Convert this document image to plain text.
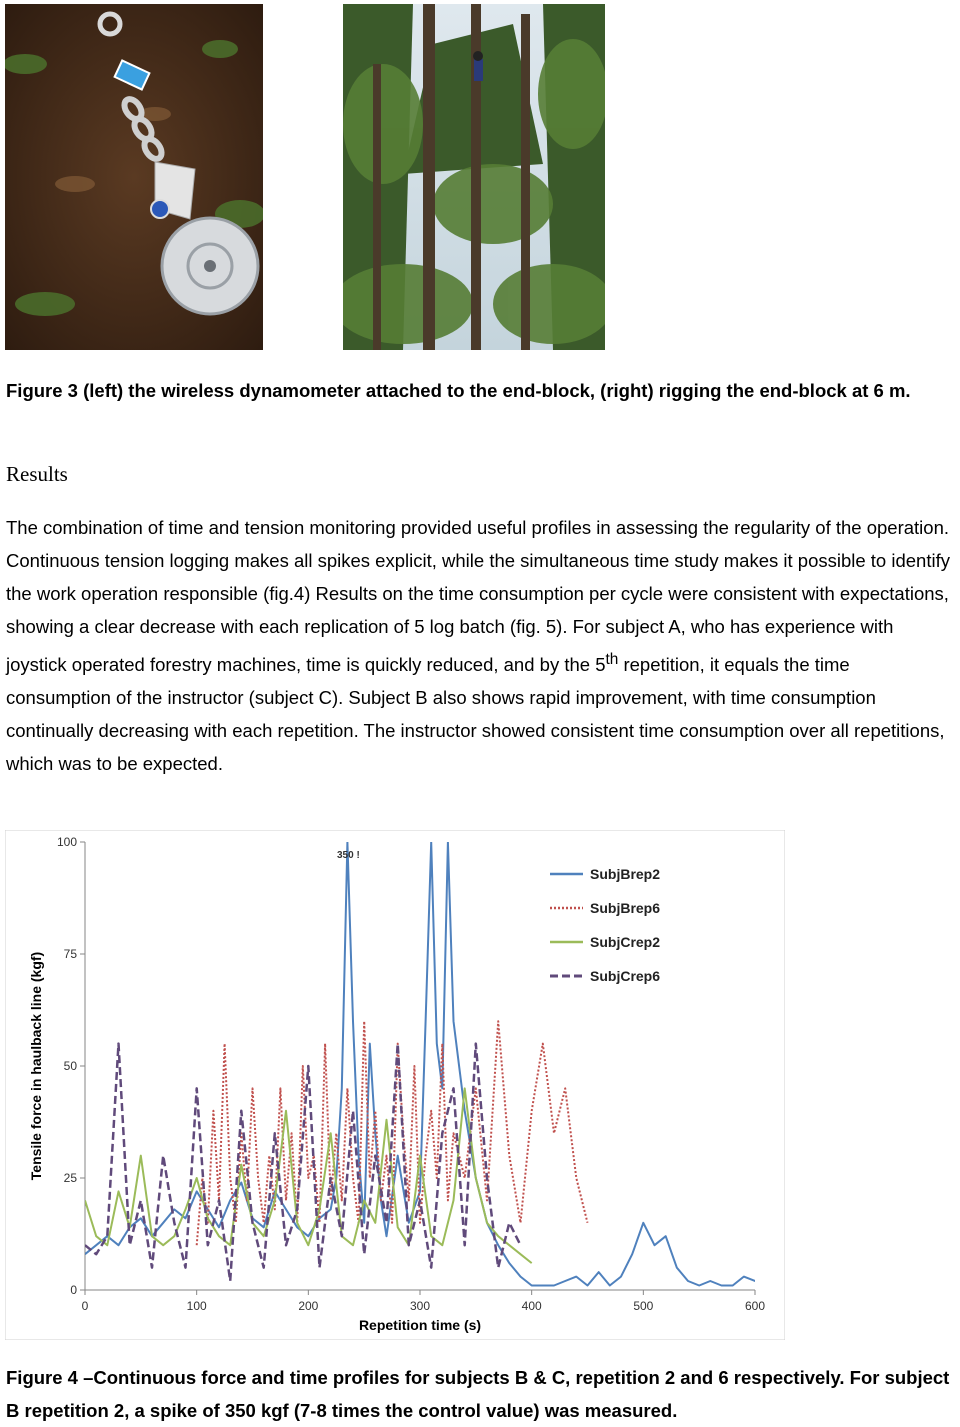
Figure 3 (left) the wireless dynamometer attached to the end-block, (right) rigging the end-block at 6 m.
Results

The combination of time and tension monitoring provided useful profiles in assessing the regularity of the operation. Continuous tension logging makes all spikes explicit, while the simultaneous time study makes it possible to identify the work operation responsible (fig.4) Results on the time consumption per cycle were consistent with expectations, showing a clear decrease with each replication of 5 log batch (fig. 5). For subject A, who has experience with joystick operated forestry machines, time is quickly reduced, and by the 5th repetition, it equals the time consumption of the instructor (subject C). Subject B also shows rapid improvement, with time consumption continually decreasing with each repetition. The instructor showed consistent time consumption over all repetitions, which was to be expected.

0
25
50
75
100
0	100	200	300	400	500	600
350 !
Tensile force in haulback line (kgf)
Repetition time (s)
SubjBrep2
SubjBrep6
SubjCrep2
SubjCrep6
Figure 4 –Continuous force and time profiles for subjects B & C, repetition 2 and 6 respectively. For subject B repetition 2, a spike of 350 kgf (7-8 times the control value) was measured.
